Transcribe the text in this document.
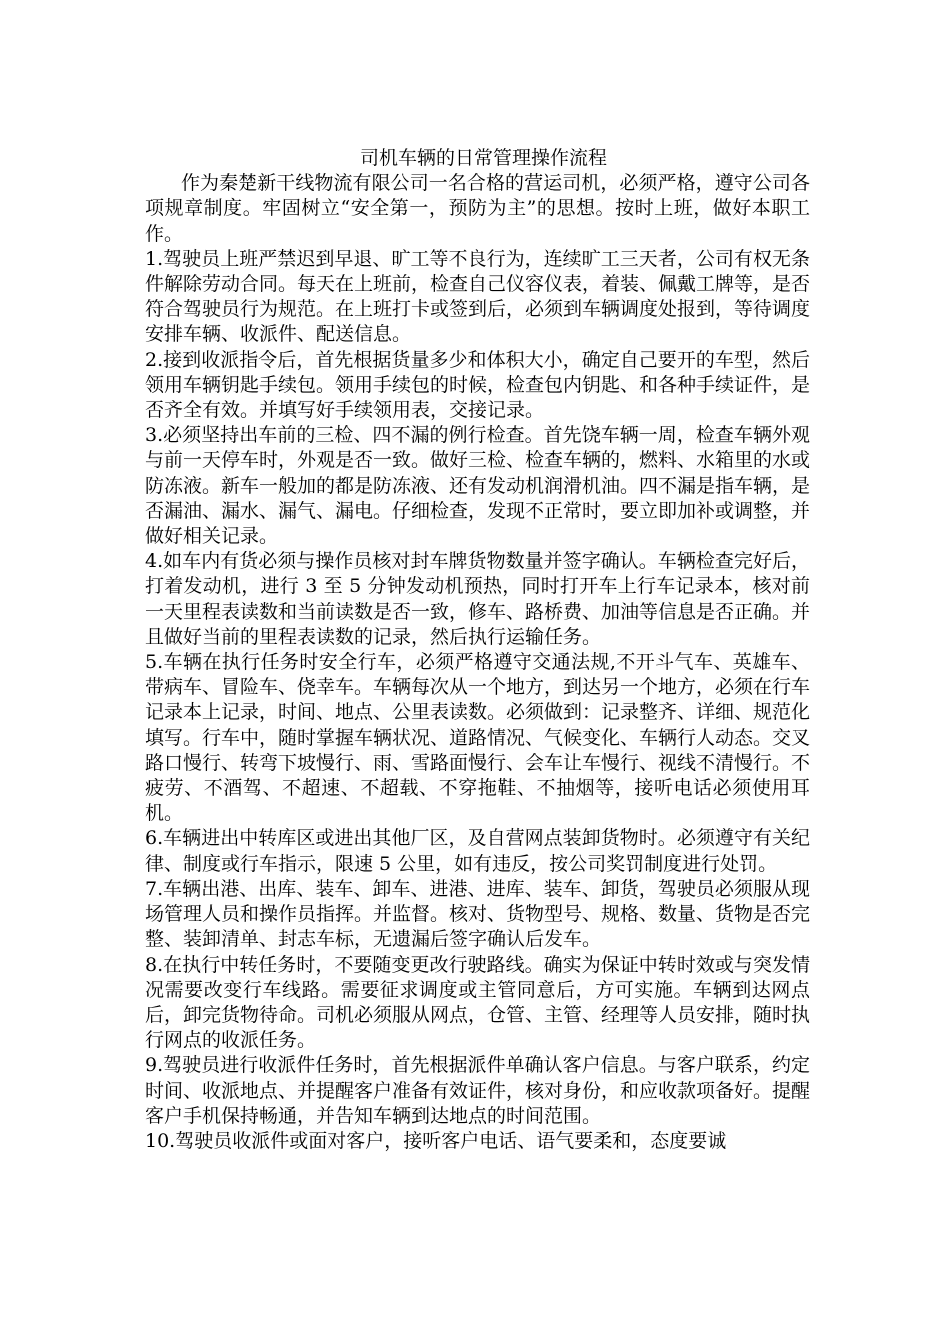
司机车辆的日常管理操作流程

作为秦楚新干线物流有限公司一名合格的营运司机，必须严格，遵守公司各项规章制度。牢固树立“安全第一，预防为主”的思想。按时上班，做好本职工作。

1.驾驶员上班严禁迟到早退、旷工等不良行为，连续旷工三天者，公司有权无条件解除劳动合同。每天在上班前，检查自己仪容仪表，着装、佩戴工牌等，是否符合驾驶员行为规范。在上班打卡或签到后，必须到车辆调度处报到，等待调度安排车辆、收派件、配送信息。

2.接到收派指令后，首先根据货量多少和体积大小，确定自己要开的车型，然后领用车辆钥匙手续包。领用手续包的时候，检查包内钥匙、和各种手续证件，是否齐全有效。并填写好手续领用表，交接记录。

3.必须坚持出车前的三检、四不漏的例行检查。首先饶车辆一周，检查车辆外观与前一天停车时，外观是否一致。做好三检、检查车辆的，燃料、水箱里的水或防冻液。新车一般加的都是防冻液、还有发动机润滑机油。四不漏是指车辆，是否漏油、漏水、漏气、漏电。仔细检查，发现不正常时，要立即加补或调整，并做好相关记录。

4.如车内有货必须与操作员核对封车牌货物数量并签字确认。车辆检查完好后，打着发动机，进行 3 至 5 分钟发动机预热，同时打开车上行车记录本，核对前一天里程表读数和当前读数是否一致，修车、路桥费、加油等信息是否正确。并且做好当前的里程表读数的记录，然后执行运输任务。

5.车辆在执行任务时安全行车，必须严格遵守交通法规,不开斗气车、英雄车、带病车、冒险车、侥幸车。车辆每次从一个地方，到达另一个地方，必须在行车记录本上记录，时间、地点、公里表读数。必须做到：记录整齐、详细、规范化填写。行车中，随时掌握车辆状况、道路情况、气候变化、车辆行人动态。交叉路口慢行、转弯下坡慢行、雨、雪路面慢行、会车让车慢行、视线不清慢行。不疲劳、不酒驾、不超速、不超载、不穿拖鞋、不抽烟等，接听电话必须使用耳机。

6.车辆进出中转库区或进出其他厂区，及自营网点装卸货物时。必须遵守有关纪律、制度或行车指示，限速 5 公里，如有违反，按公司奖罚制度进行处罚。

7.车辆出港、出库、装车、卸车、进港、进库、装车、卸货，驾驶员必须服从现场管理人员和操作员指挥。并监督。核对、货物型号、规格、数量、货物是否完整、装卸清单、封志车标，无遗漏后签字确认后发车。

8.在执行中转任务时，不要随变更改行驶路线。确实为保证中转时效或与突发情况需要改变行车线路。需要征求调度或主管同意后，方可实施。车辆到达网点后，卸完货物待命。司机必须服从网点，仓管、主管、经理等人员安排，随时执行网点的收派任务。

9.驾驶员进行收派件任务时，首先根据派件单确认客户信息。与客户联系，约定时间、收派地点、并提醒客户准备有效证件，核对身份，和应收款项备好。提醒客户手机保持畅通，并告知车辆到达地点的时间范围。

10.驾驶员收派件或面对客户，接听客户电话、语气要柔和，态度要诚
